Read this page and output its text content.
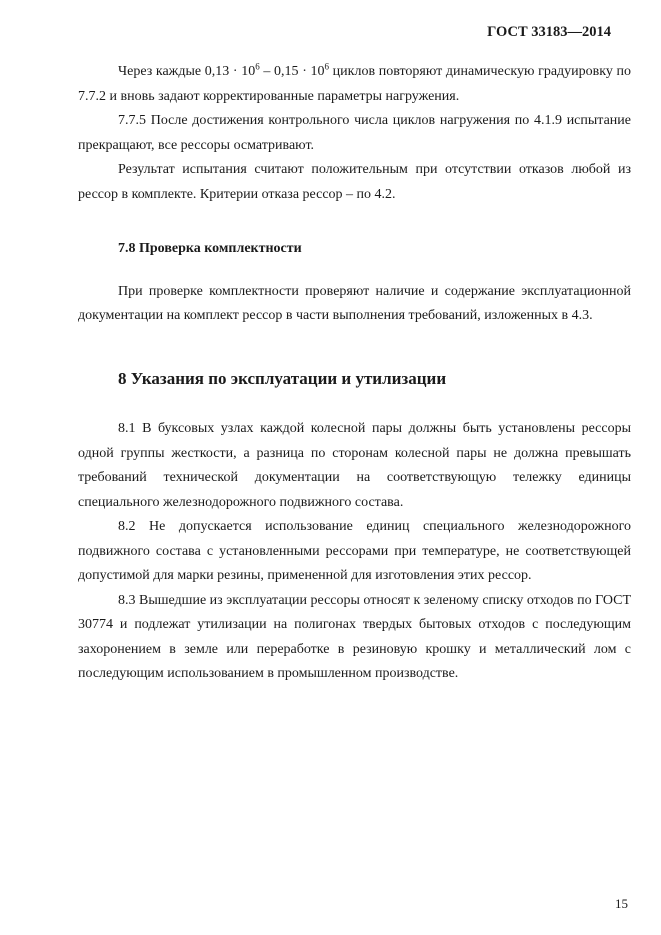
ГОСТ 33183—2014

Через каждые $0,13 \cdot 10^6 - 0,15 \cdot 10^6$ циклов повторяют динамическую градуировку по 7.7.2 и вновь задают корректированные параметры нагружения.

7.7.5 После достижения контрольного числа циклов нагружения по 4.1.9 испытание прекращают, все рессоры осматривают.

Результат испытания считают положительным при отсутствии отказов любой из рессор в комплекте. Критерии отказа рессор – по 4.2.

7.8 Проверка комплектности

При проверке комплектности проверяют наличие и содержание эксплуатационной документации на комплект рессор в части выполнения требований, изложенных в 4.3.

8 Указания по эксплуатации и утилизации

8.1 В буксовых узлах каждой колесной пары должны быть установлены рессоры одной группы жесткости, а разница по сторонам колесной пары не должна превышать требований технической документации на соответствующую тележку единицы специального железнодорожного подвижного состава.

8.2 Не допускается использование единиц специального железнодорожного подвижного состава с установленными рессорами при температуре, не соответствующей допустимой для марки резины, примененной для изготовления этих рессор.

8.3 Вышедшие из эксплуатации рессоры относят к зеленому списку отходов по ГОСТ 30774 и подлежат утилизации на полигонах твердых бытовых отходов с последующим захоронением в земле или переработке в резиновую крошку и металлический лом с последующим использованием в промышленном производстве.

15
